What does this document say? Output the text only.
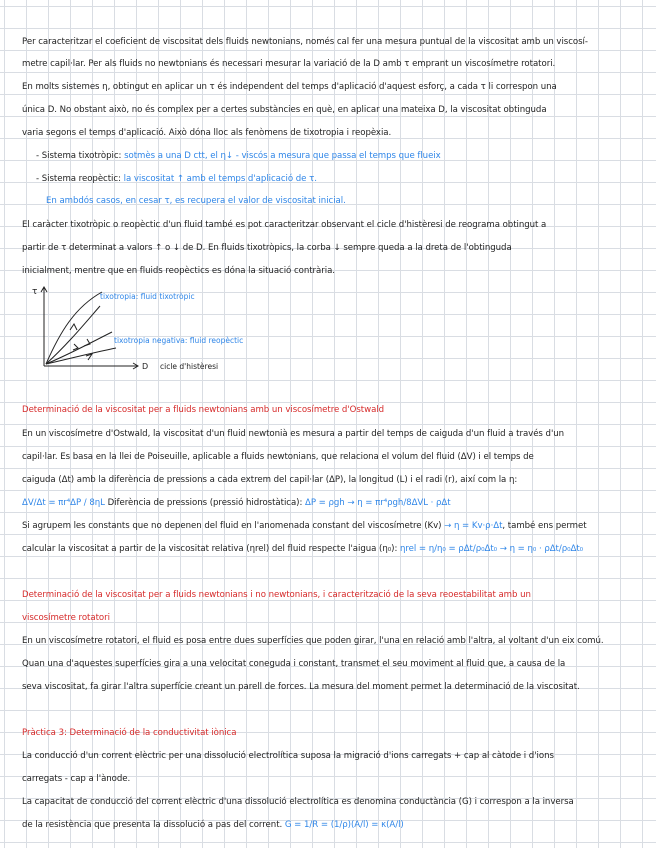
Per caracteritzar el coeficient de viscositat dels fluids newtonians, només cal fer una mesura puntual de la viscositat amb un viscosí-
metre capil·lar. Per als fluids no newtonians és necessari mesurar la variació de la D amb τ emprant un viscosímetre rotatori.
En molts sistemes η, obtingut en aplicar un τ és independent del temps d'aplicació d'aquest esforç, a cada τ li correspon una
única D. No obstant això, no és complex per a certes substàncies en què, en aplicar una mateixa D, la viscositat obtinguda
varia segons el temps d'aplicació. Això dóna lloc als fenòmens de tixotropia i reopèxia.
- Sistema tixotròpic: sotmès a una D ctt, el η↓ - viscós a mesura que passa el temps que flueix
- Sistema reopèctic: la viscositat ↑ amb el temps d'aplicació de τ.
En ambdós casos, en cesar τ, es recupera el valor de viscositat inicial.
El caràcter tixotròpic o reopèctic d'un fluid també es pot caracteritzar observant el cicle d'histèresi de reograma obtingut a
partir de τ determinat a valors ↑ o ↓ de D. En fluids tixotròpics, la corba ↓ sempre queda a la dreta de l'obtinguda
inicialment, mentre que en fluids reopèctics es dóna la situació contrària.
τ
D
tixotropia: fluid tixotròpic
tixotropia negativa: fluid reopèctic
cicle d'histèresi
Determinació de la viscositat per a fluids newtonians amb un viscosímetre d'Ostwald
En un viscosímetre d'Ostwald, la viscositat d'un fluid newtonià es mesura a partir del temps de caiguda d'un fluid a través d'un
capil·lar. Es basa en la llei de Poiseuille, aplicable a fluids newtonians, que relaciona el volum del fluid (ΔV) i el temps de
caiguda (Δt) amb la diferència de pressions a cada extrem del capil·lar (ΔP), la longitud (L) i el radi (r), així com la η:
ΔV/Δt = πr⁴ΔP / 8ηL Diferència de pressions (pressió hidrostàtica): ΔP = ρgh → η = πr⁴ρgh/8ΔVL · ρΔt
Si agrupem les constants que no depenen del fluid en l'anomenada constant del viscosímetre (Kv) → η = Kv·ρ·Δt, també ens permet
calcular la viscositat a partir de la viscositat relativa (ηrel) del fluid respecte l'aigua (η₀): ηrel = η/η₀ = ρΔt/ρ₀Δt₀ → η = η₀ · ρΔt/ρ₀Δt₀
Determinació de la viscositat per a fluids newtonians i no newtonians, i caracterització de la seva reoestabilitat amb un
viscosímetre rotatori
En un viscosímetre rotatori, el fluid es posa entre dues superfícies que poden girar, l'una en relació amb l'altra, al voltant d'un eix comú.
Quan una d'aquestes superfícies gira a una velocitat coneguda i constant, transmet el seu moviment al fluid que, a causa de la
seva viscositat, fa girar l'altra superfície creant un parell de forces. La mesura del moment permet la determinació de la viscositat.
Pràctica 3: Determinació de la conductivitat iònica
La conducció d'un corrent elèctric per una dissolució electrolítica suposa la migració d'ions carregats + cap al càtode i d'ions
carregats - cap a l'ànode.
La capacitat de conducció del corrent elèctric d'una dissolució electrolítica es denomina conductància (G) i correspon a la inversa
de la resistència que presenta la dissolució a pas del corrent. G = 1/R = (1/ρ)(A/l) = κ(A/l)
